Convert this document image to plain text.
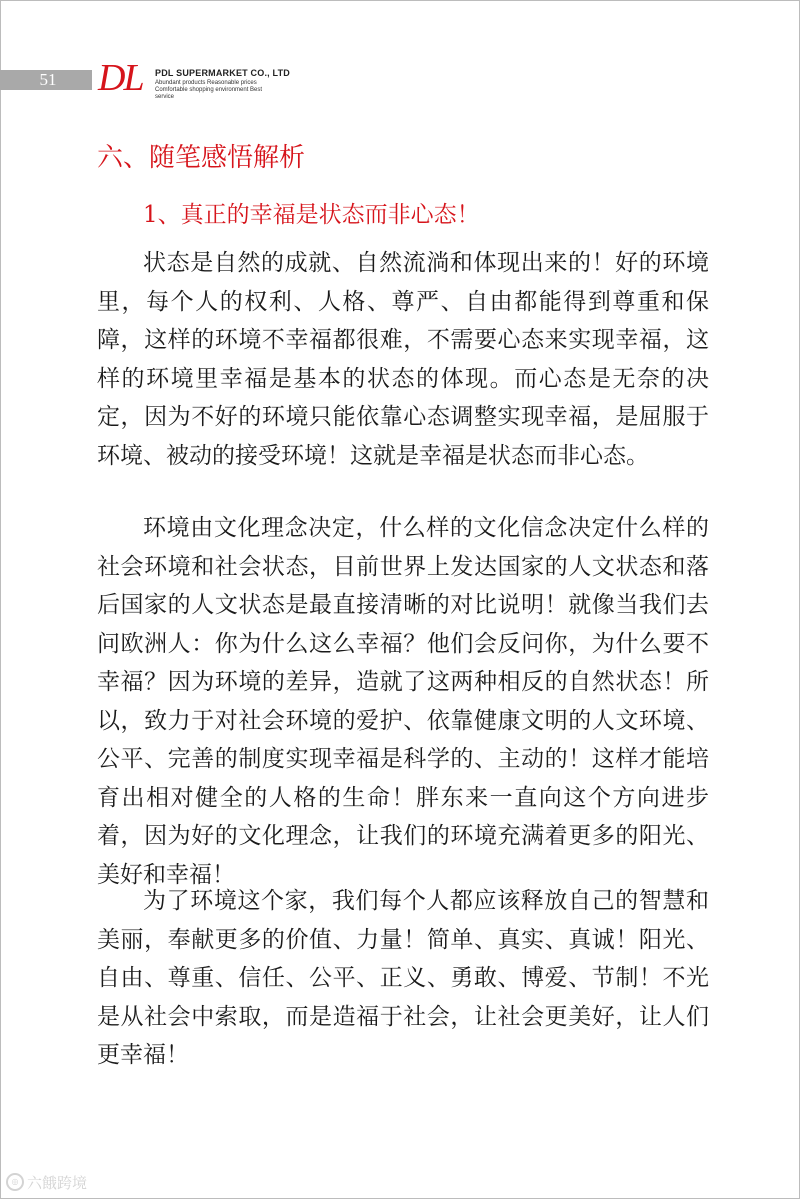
51	DL PDL SUPERMARKET CO., LTD
Abundant products Reasonable prices Comfortable shopping environment Best service
六、随笔感悟解析
1、真正的幸福是状态而非心态！

状态是自然的成就、自然流淌和体现出来的！好的环境里，每个人的权利、人格、尊严、自由都能得到尊重和保障，这样的环境不幸福都很难，不需要心态来实现幸福，这样的环境里幸福是基本的状态的体现。而心态是无奈的决定，因为不好的环境只能依靠心态调整实现幸福，是屈服于环境、被动的接受环境！这就是幸福是状态而非心态。

环境由文化理念决定，什么样的文化信念决定什么样的社会环境和社会状态，目前世界上发达国家的人文状态和落后国家的人文状态是最直接清晰的对比说明！就像当我们去问欧洲人：你为什么这么幸福？他们会反问你，为什么要不幸福？因为环境的差异，造就了这两种相反的自然状态！所以，致力于对社会环境的爱护、依靠健康文明的人文环境、公平、完善的制度实现幸福是科学的、主动的！这样才能培育出相对健全的人格的生命！胖东来一直向这个方向进步着，因为好的文化理念，让我们的环境充满着更多的阳光、美好和幸福！

为了环境这个家，我们每个人都应该释放自己的智慧和美丽，奉献更多的价值、力量！简单、真实、真诚！阳光、自由、尊重、信任、公平、正义、勇敢、博爱、节制！不光是从社会中索取，而是造福于社会，让社会更美好，让人们更幸福！

◎ 六餓跨境
